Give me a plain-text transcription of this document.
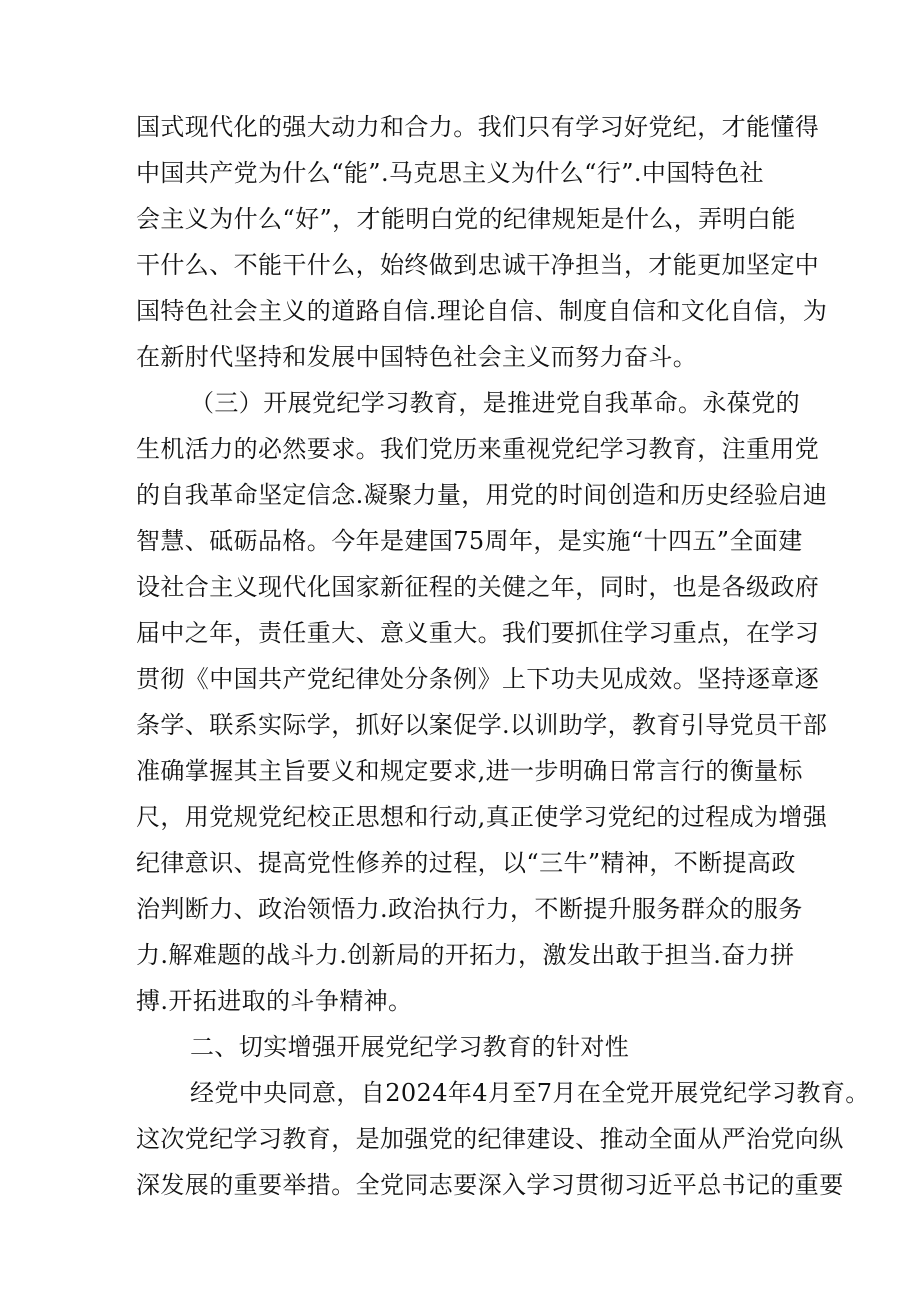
国式现代化的强大动力和合力。我们只有学习好党纪，才能懂得
中国共产党为什么“能”.马克思主义为什么“行”.中国特色社
会主义为什么“好”，才能明白党的纪律规矩是什么，弄明白能
干什么、不能干什么，始终做到忠诚干净担当，才能更加坚定中
国特色社会主义的道路自信.理论自信、制度自信和文化自信，为
在新肘代坚持和发展中国特色社会主义而努力奋斗。
（三）开展党纪学习教育，是推进党自我革命。永葆党的
生机活力的必然要求。我们党历来重视党纪学习教育，注重用党
的自我革命坚定信念.凝聚力量，用党的时间创造和历史经验启迪
智慧、砥砺品格。今年是建国75周年，是实施“十四五”全面建
设社合主义现代化国家新征程的关健之年，同时，也是各级政府
届中之年，责任重大、意义重大。我们要抓住学习重点，在学习
贯彻《中国共产党纪律处分条例》上下功夫见成效。坚持逐章逐
条学、联系实际学，抓好以案促学.以训助学，教育引导党员干部
准确掌握其主旨要义和规定要求,进一步明确日常言行的衡量标
尺，用党规党纪校正思想和行动,真正使学习党纪的过程成为增强
纪律意识、提高党性修养的过程，以“三牛”精神，不断提高政
治判断力、政治领悟力.政治执行力，不断提升服务群众的服务
力.解难题的战斗力.创新局的开拓力，激发出敢于担当.奋力拼
搏.开拓进取的斗争精神。
二、切实增强开展党纪学习教育的针对性
经党中央同意，自2024年4月至7月在全党开展党纪学习教育。
这次党纪学习教育，是加强党的纪律建设、推动全面从严治党向纵
深发展的重要举措。全党同志要深入学习贯彻习近平总书记的重要
